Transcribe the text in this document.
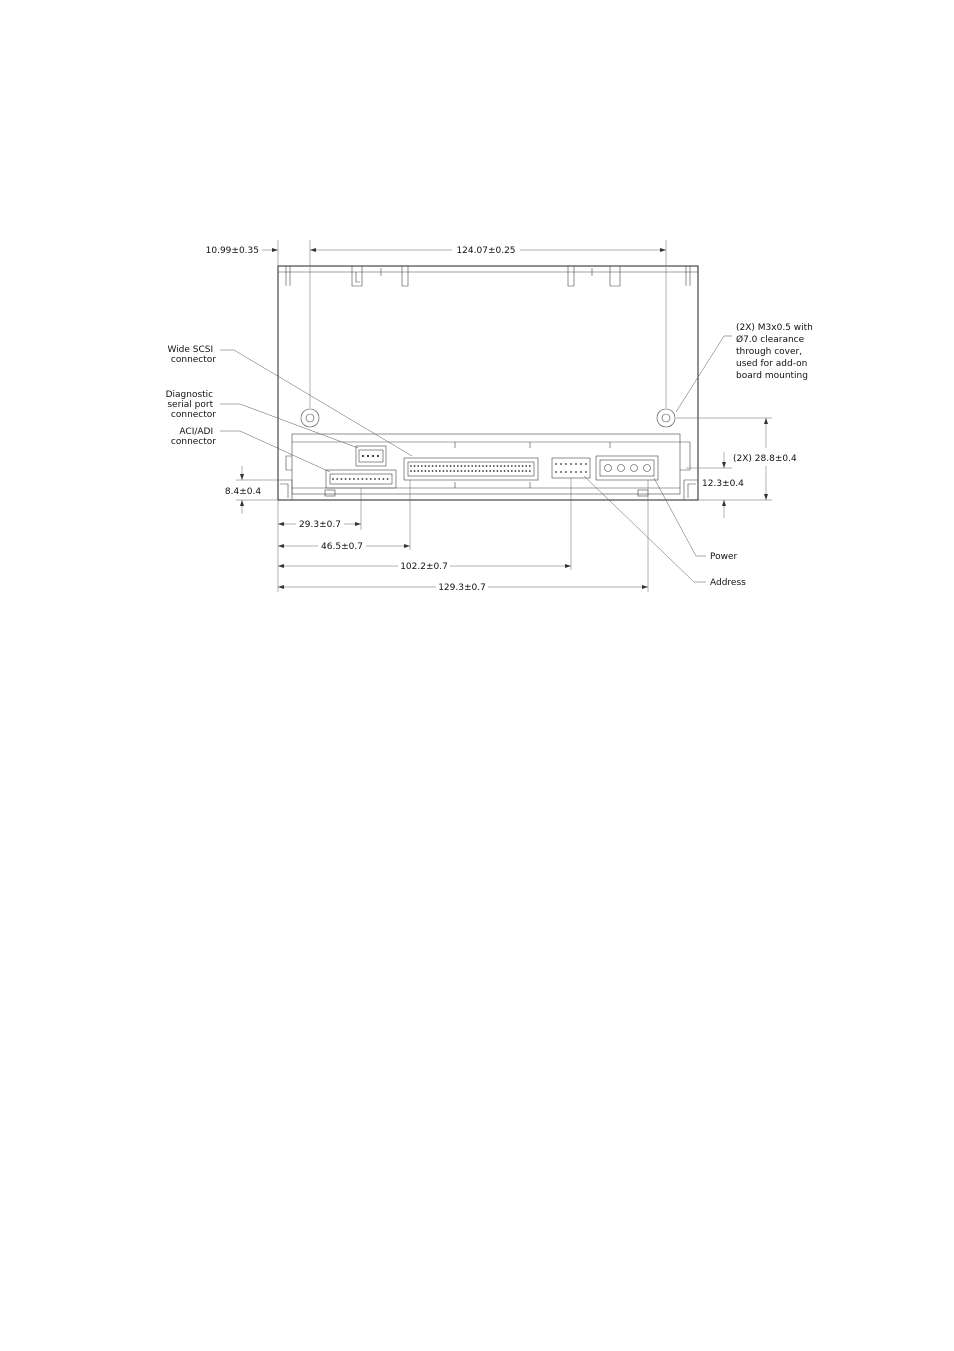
10.99±0.35	124.07±0.25
8.4±0.4
(2X) 28.8±0.4
12.3±0.4
29.3±0.7
46.5±0.7
102.2±0.7
129.3±0.7
Wide SCSI connector
Diagnostic serial port connector
ACI/ADI connector
(2X) M3x0.5 with Ø7.0 clearance through cover, used for add-on board mounting
Power
Address
